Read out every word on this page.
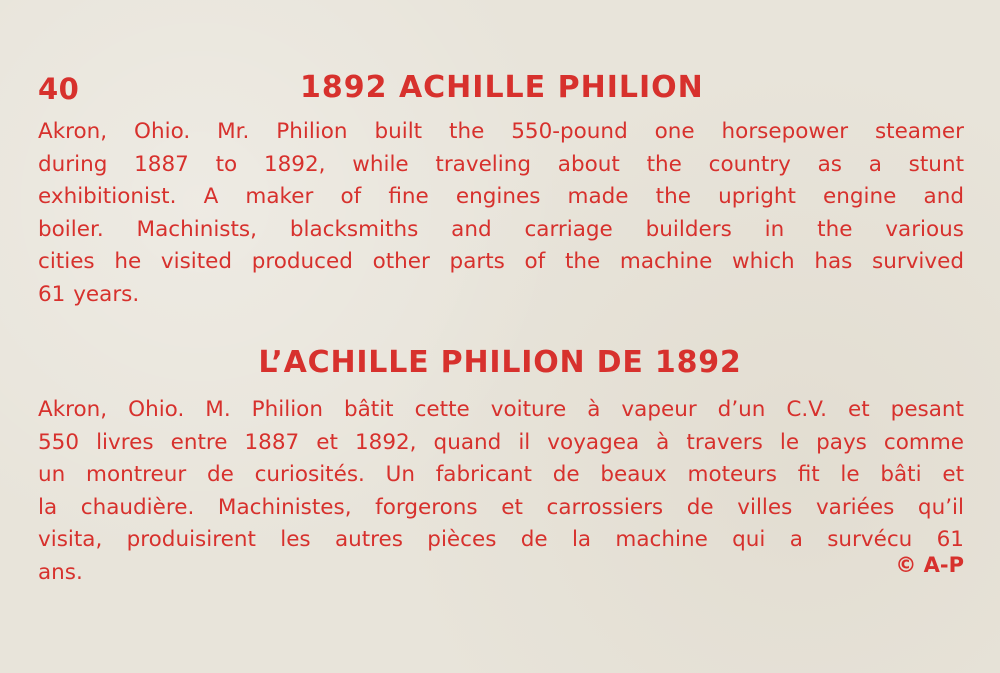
40	1892 ACHILLE PHILION
Akron, Ohio. Mr. Philion built the 550-pound one horsepower steamer
during 1887 to 1892, while traveling about the country as a stunt
exhibitionist. A maker of fine engines made the upright engine and
boiler. Machinists, blacksmiths and carriage builders in the various
cities he visited produced other parts of the machine which has survived
61 years.
L’ACHILLE PHILION DE 1892
Akron, Ohio. M. Philion bâtit cette voiture à vapeur d’un C.V. et pesant
550 livres entre 1887 et 1892, quand il voyagea à travers le pays comme
un montreur de curiosités. Un fabricant de beaux moteurs fit le bâti et
la chaudière. Machinistes, forgerons et carrossiers de villes variées qu’il
visita, produisirent les autres pièces de la machine qui a survécu 61
ans.	© A-P
